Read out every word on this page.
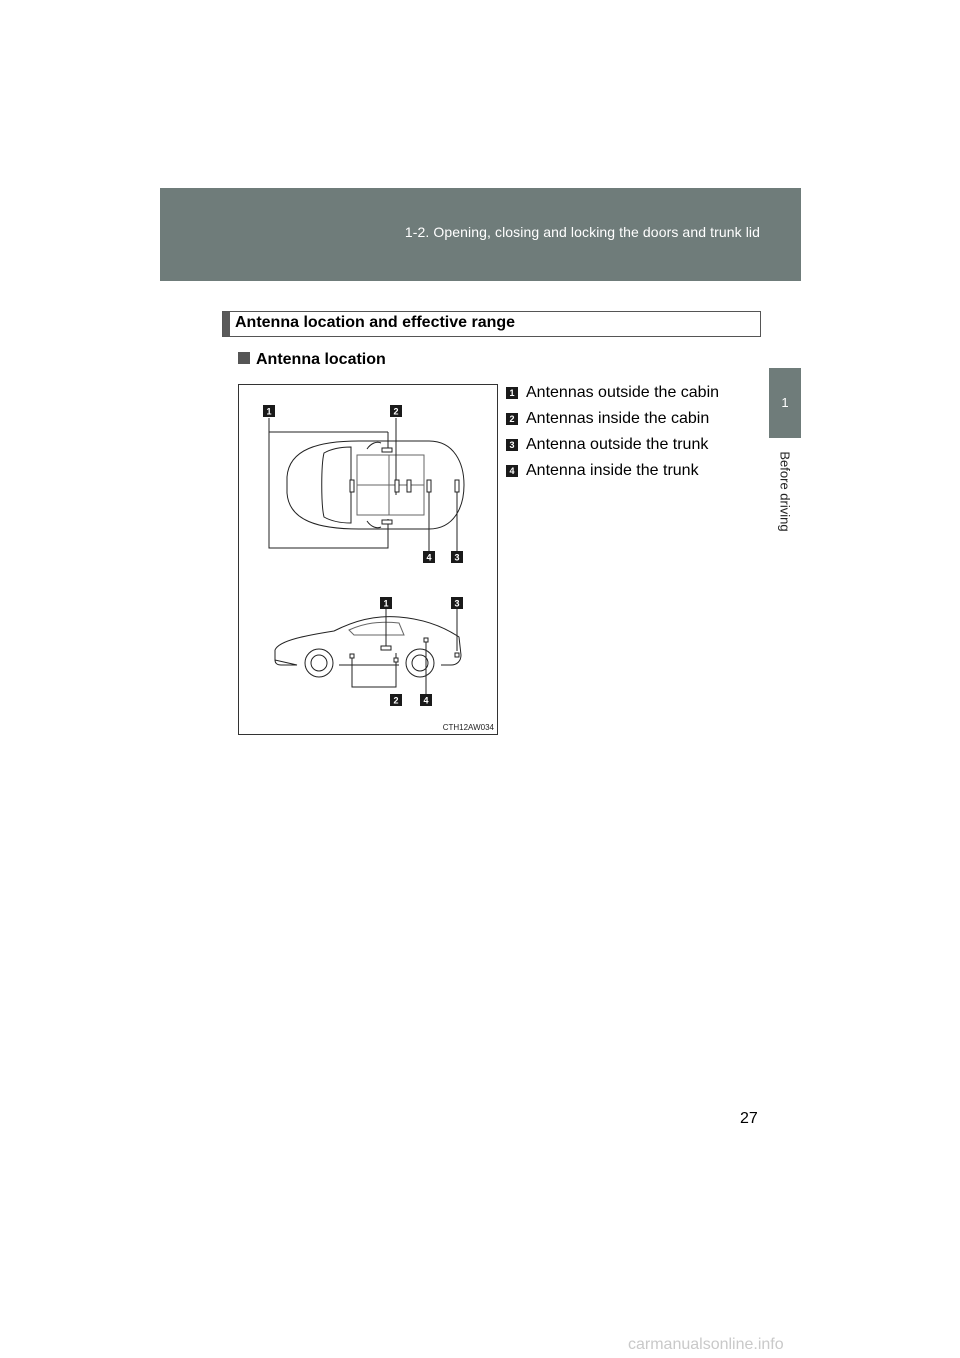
1-2. Opening, closing and locking the doors and trunk lid
1
Before driving
Antenna location and effective range
Antenna location
1 Antennas outside the cabin
2 Antennas inside the cabin
3 Antenna outside the trunk
4 Antenna inside the trunk
1	2
4	3
1	3
2	4
CTH12AW034
27
carmanualsonline.info
